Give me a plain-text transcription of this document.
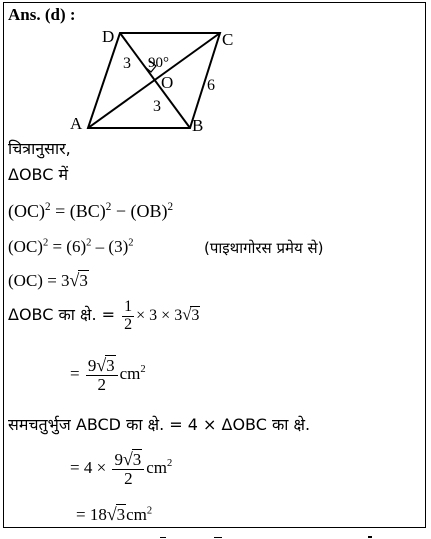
Ans. (d) :
A	B
C
D
O
3
3
6
90°
चित्रानुसार,
ΔOBC में
(OC)$^2$ = (BC)$^2$ − (OB)$^2$
$(OC)^2 = (6)^2 - (3)^2$	(पाइथागोरस प्रमेय से)
(OC) = 3√3
ΔOBC का क्षे. = $\frac{1}{2} \times 3 \times 3√3$
= $\frac{9√3}{2} cm^2$
समचतुर्भुज ABCD का क्षे. = 4 × ΔOBC का क्षे.
= $4 \times \frac{9√3}{2} cm^2$
= $18√3cm^2$
